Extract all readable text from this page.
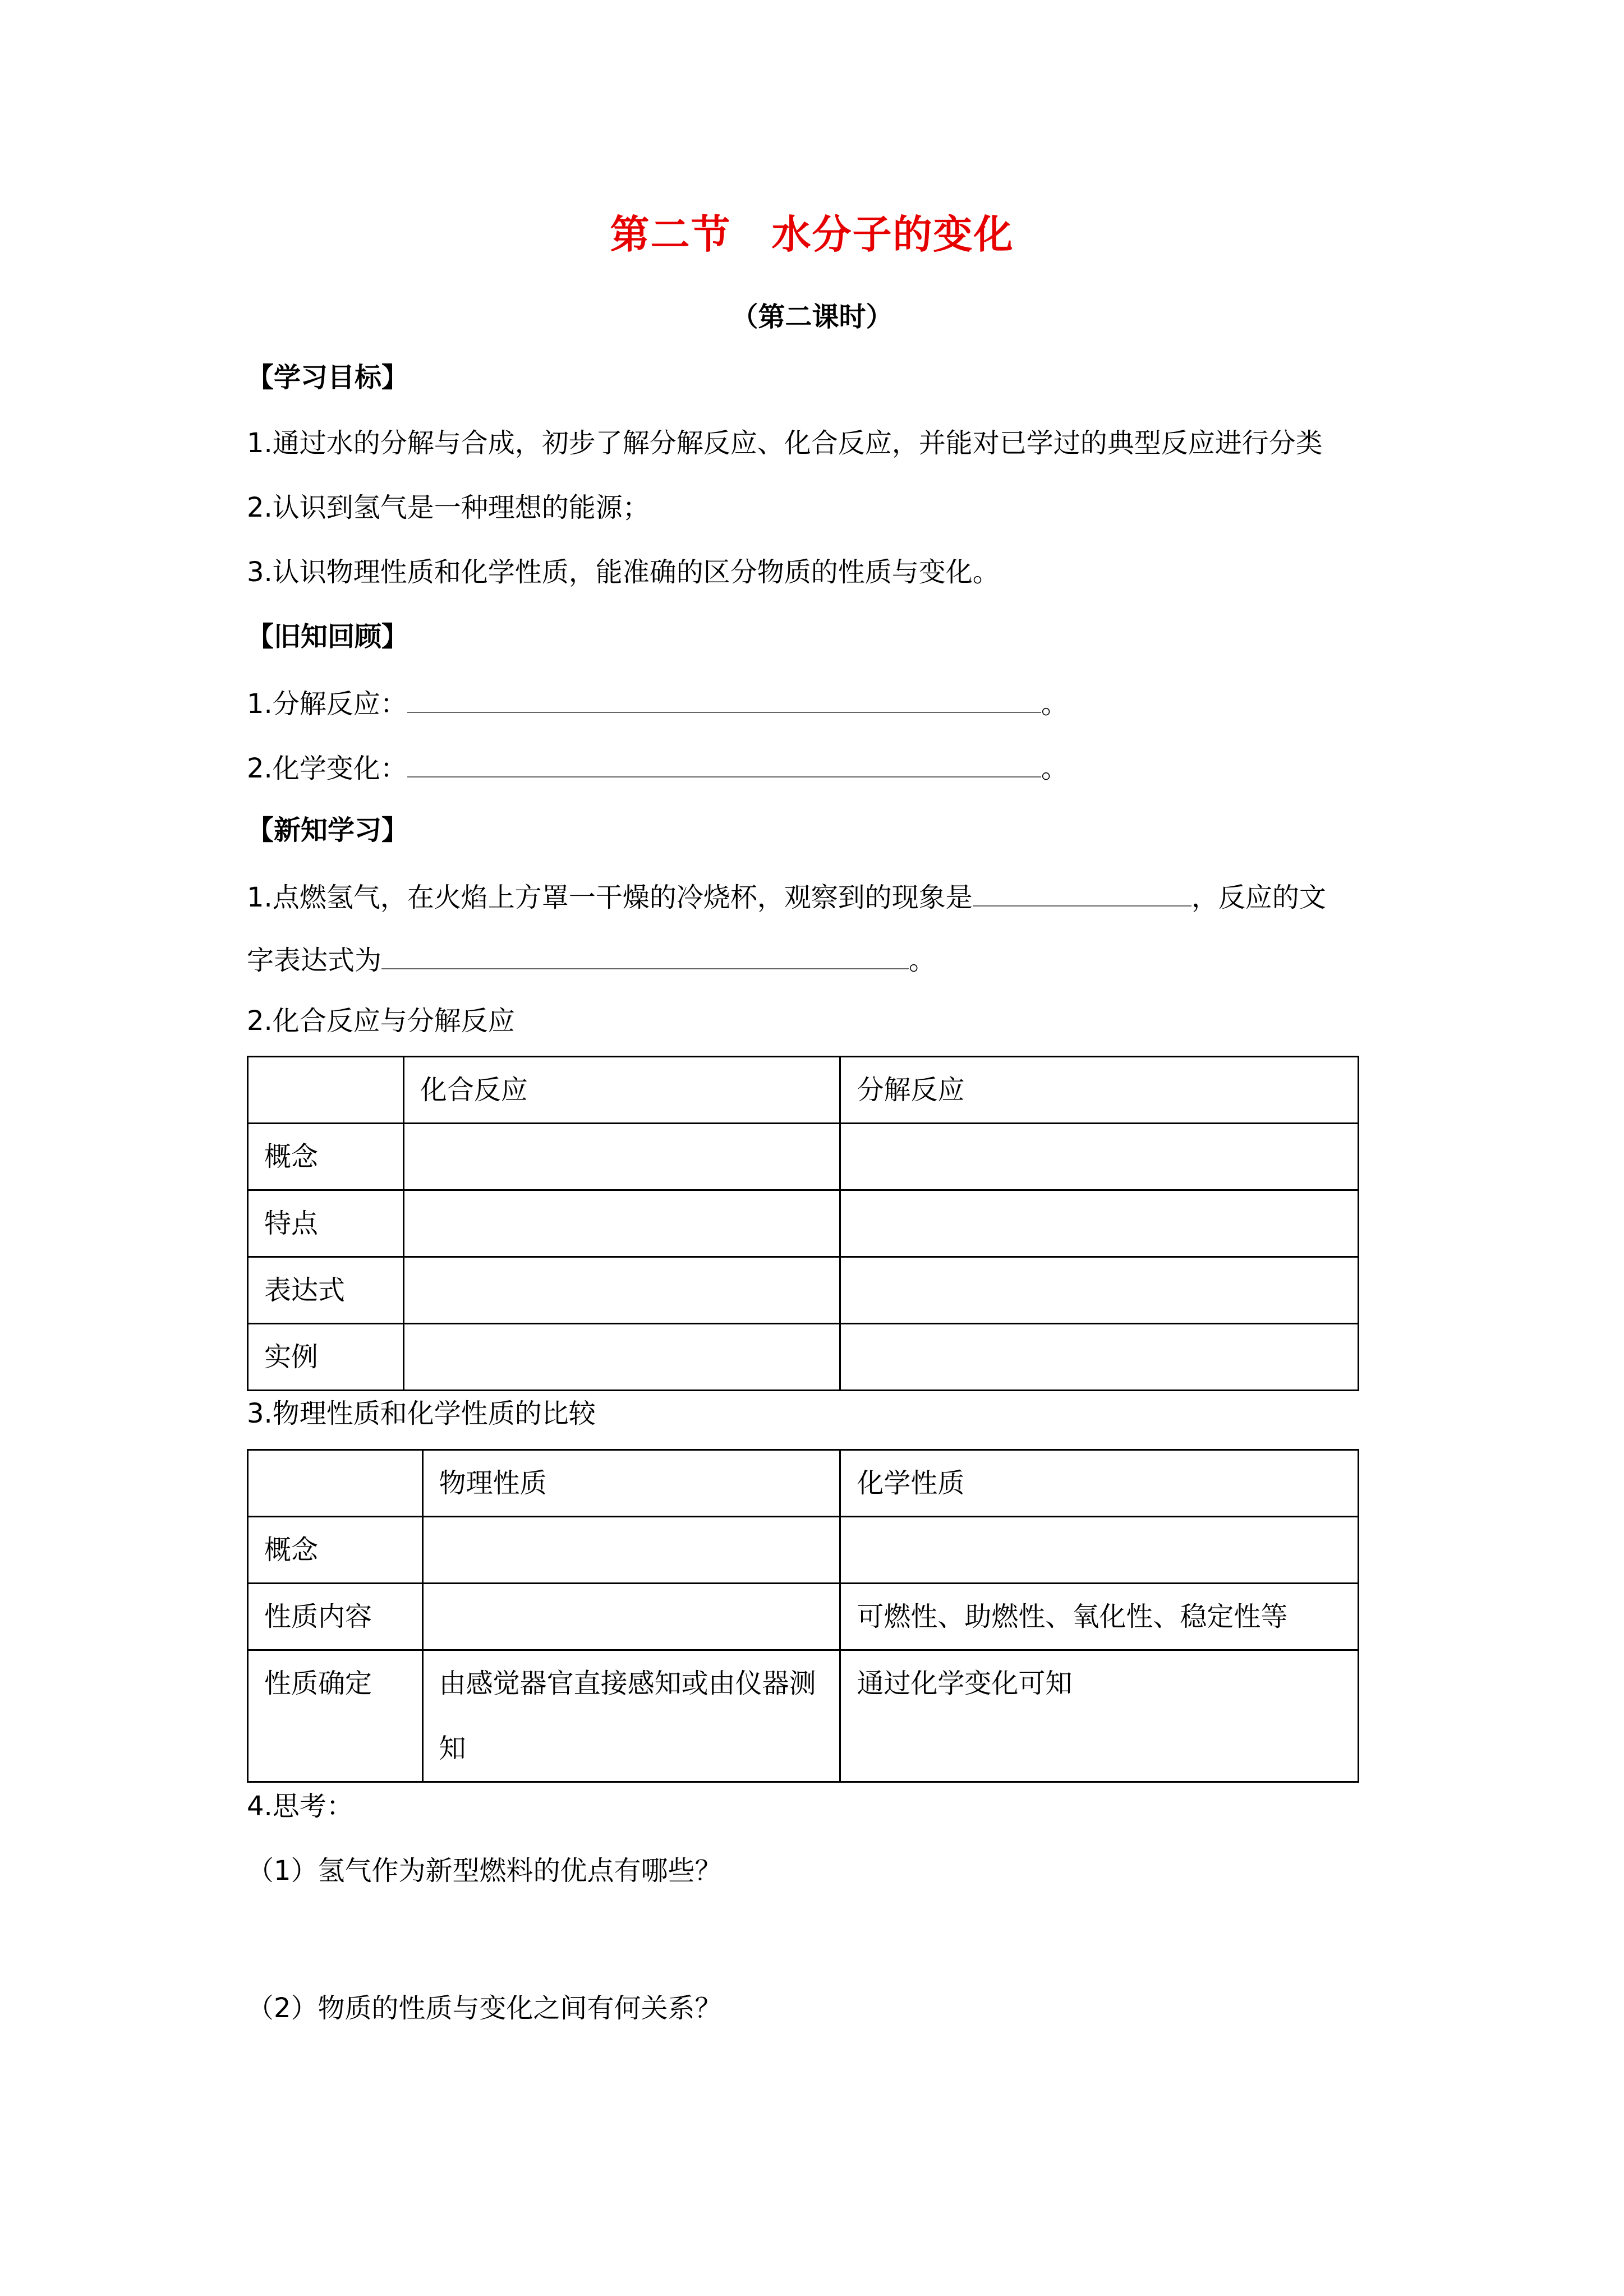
第二节　水分子的变化
（第二课时）
【学习目标】
1.通过水的分解与合成，初步了解分解反应、化合反应，并能对已学过的典型反应进行分类
2.认识到氢气是一种理想的能源；
3.认识物理性质和化学性质，能准确的区分物质的性质与变化。
【旧知回顾】
1.分解反应：	。
2.化学变化：	。
【新知学习】
1.点燃氢气，在火焰上方罩一干燥的冷烧杯，观察到的现象是	，反应的文
字表达式为	。
2.化合反应与分解反应
	化合反应	分解反应
概念		
特点		
表达式		
实例		
3.物理性质和化学性质的比较
	物理性质	化学性质
概念		
性质内容		可燃性、助燃性、氧化性、稳定性等
性质确定	由感觉器官直接感知或由仪器测知	通过化学变化可知
4.思考：
（1）氢气作为新型燃料的优点有哪些？
（2）物质的性质与变化之间有何关系？
